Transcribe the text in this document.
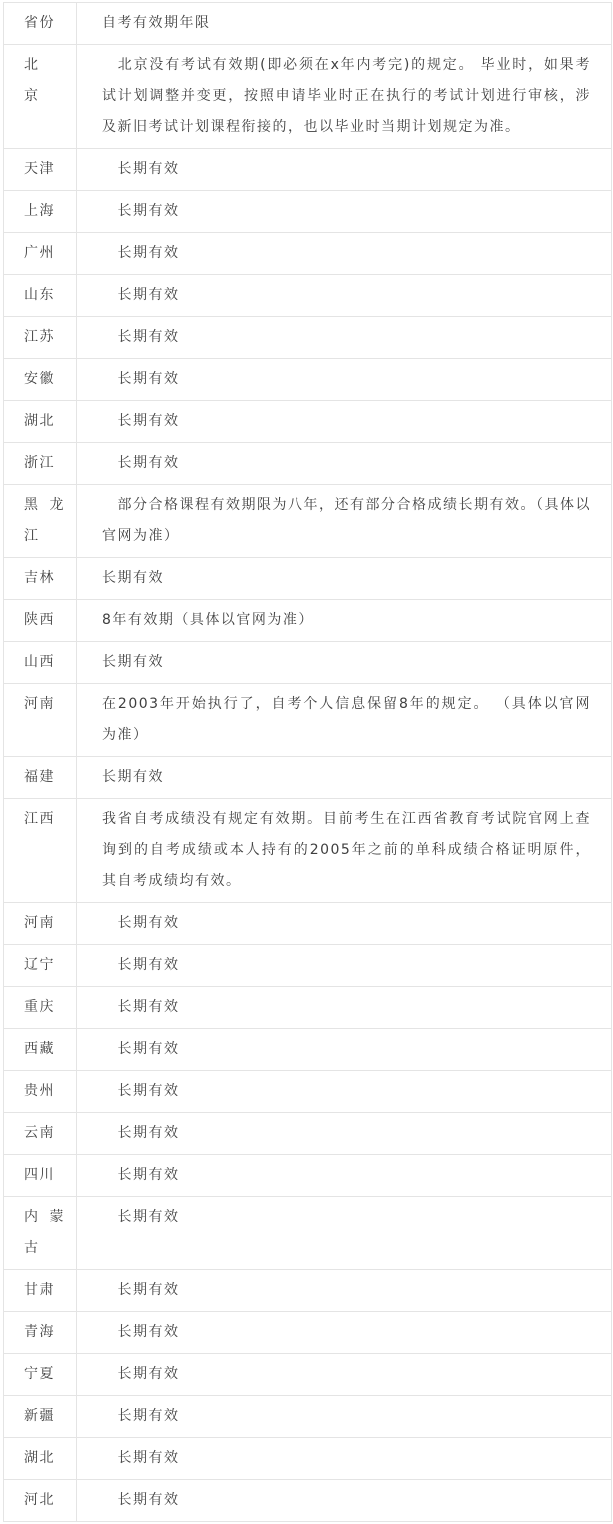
省份	自考有效期年限
北　京	　北京没有考试有效期(即必须在x年内考完)的规定。 毕业时，如果考试计划调整并变更，按照申请毕业时正在执行的考试计划进行审核，涉及新旧考试计划课程衔接的，也以毕业时当期计划规定为准。
天津	　长期有效
上海	　长期有效
广州	　长期有效
山东	　长期有效
江苏	　长期有效
安徽	　长期有效
湖北	　长期有效
浙江	　长期有效
黑龙江	　部分合格课程有效期限为八年，还有部分合格成绩长期有效。（具体以官网为准）
吉林	长期有效
陕西	8年有效期（具体以官网为准）
山西	长期有效
河南	在2003年开始执行了，自考个人信息保留8年的规定。 （具体以官网为准）
福建	长期有效
江西	我省自考成绩没有规定有效期。目前考生在江西省教育考试院官网上查询到的自考成绩或本人持有的2005年之前的单科成绩合格证明原件，其自考成绩均有效。
河南	　长期有效
辽宁	　长期有效
重庆	　长期有效
西藏	　长期有效
贵州	　长期有效
云南	　长期有效
四川	　长期有效
内蒙古	　长期有效
甘肃	　长期有效
青海	　长期有效
宁夏	　长期有效
新疆	　长期有效
湖北	　长期有效
河北	　长期有效
